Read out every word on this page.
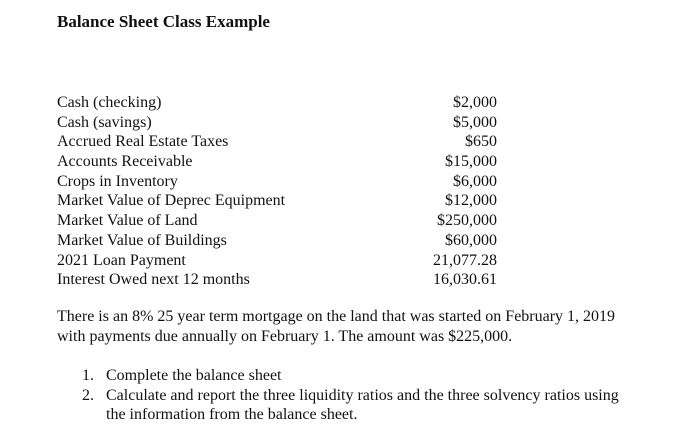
Balance Sheet Class Example
Cash (checking)	$2,000
Cash (savings)	$5,000
Accrued Real Estate Taxes	$650
Accounts Receivable	$15,000
Crops in Inventory	$6,000
Market Value of Deprec Equipment	$12,000
Market Value of Land	$250,000
Market Value of Buildings	$60,000
2021 Loan Payment	21,077.28
Interest Owed next 12 months	16,030.61
There is an 8% 25 year term mortgage on the land that was started on February 1, 2019
with payments due annually on February 1. The amount was $225,000.
1. Complete the balance sheet
2. Calculate and report the three liquidity ratios and the three solvency ratios using
the information from the balance sheet.
